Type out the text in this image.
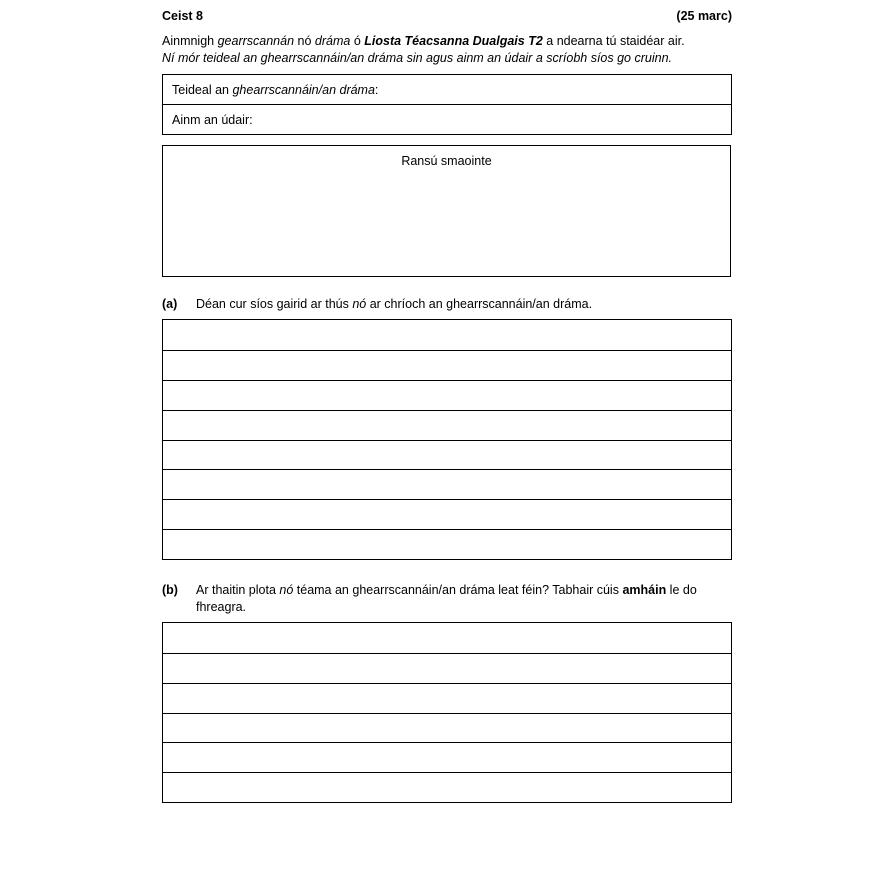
Ceist 8	(25 marc)
Ainmnigh gearrscannán nó dráma ó Liosta Téacsanna Dualgais T2 a ndearna tú staidéar air.
Ní mór teideal an ghearrscannáin/an dráma sin agus ainm an údair a scríobh síos go cruinn.
Teideal an ghearrscannáin/an dráma:
Ainm an údair:
Ransú smaointe
(a) Déan cur síos gairid ar thús nó ar chríoch an ghearrscannáin/an dráma.
(b) Ar thaitin plota nó téama an ghearrscannáin/an dráma leat féin? Tabhair cúis amháin le do
fhreagra.
